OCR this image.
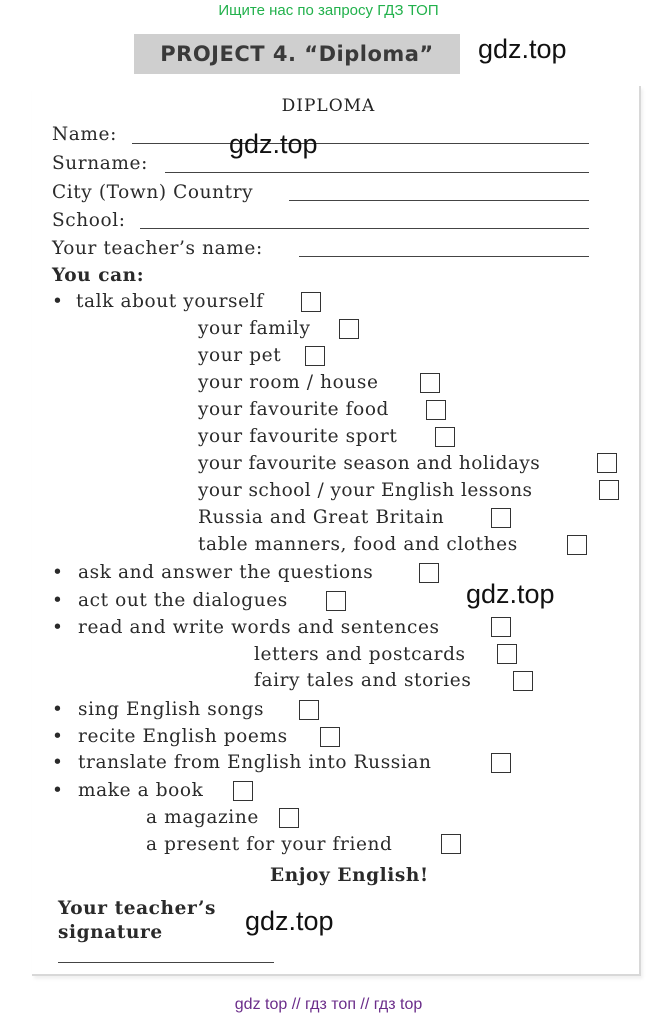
Ищите нас по запросу ГДЗ ТОП
PROJECT 4. “Diploma”	gdz.top
DIPLOMA
Name:
Surname:
City (Town) Country
School:
Your teacher’s name:
gdz.top
You can:
• talk about yourself
your family
your pet
your room / house
your favourite food
your favourite sport
your favourite season and holidays
your school / your English lessons
Russia and Great Britain
table manners, food and clothes
• ask and answer the questions
• act out the dialogues	gdz.top
• read and write words and sentences
letters and postcards
fairy tales and stories
• sing English songs
• recite English poems
• translate from English into Russian
• make a book
a magazine
a present for your friend
Enjoy English!
Your teacher’s
signature	gdz.top
gdz top // гдз топ // гдз top
